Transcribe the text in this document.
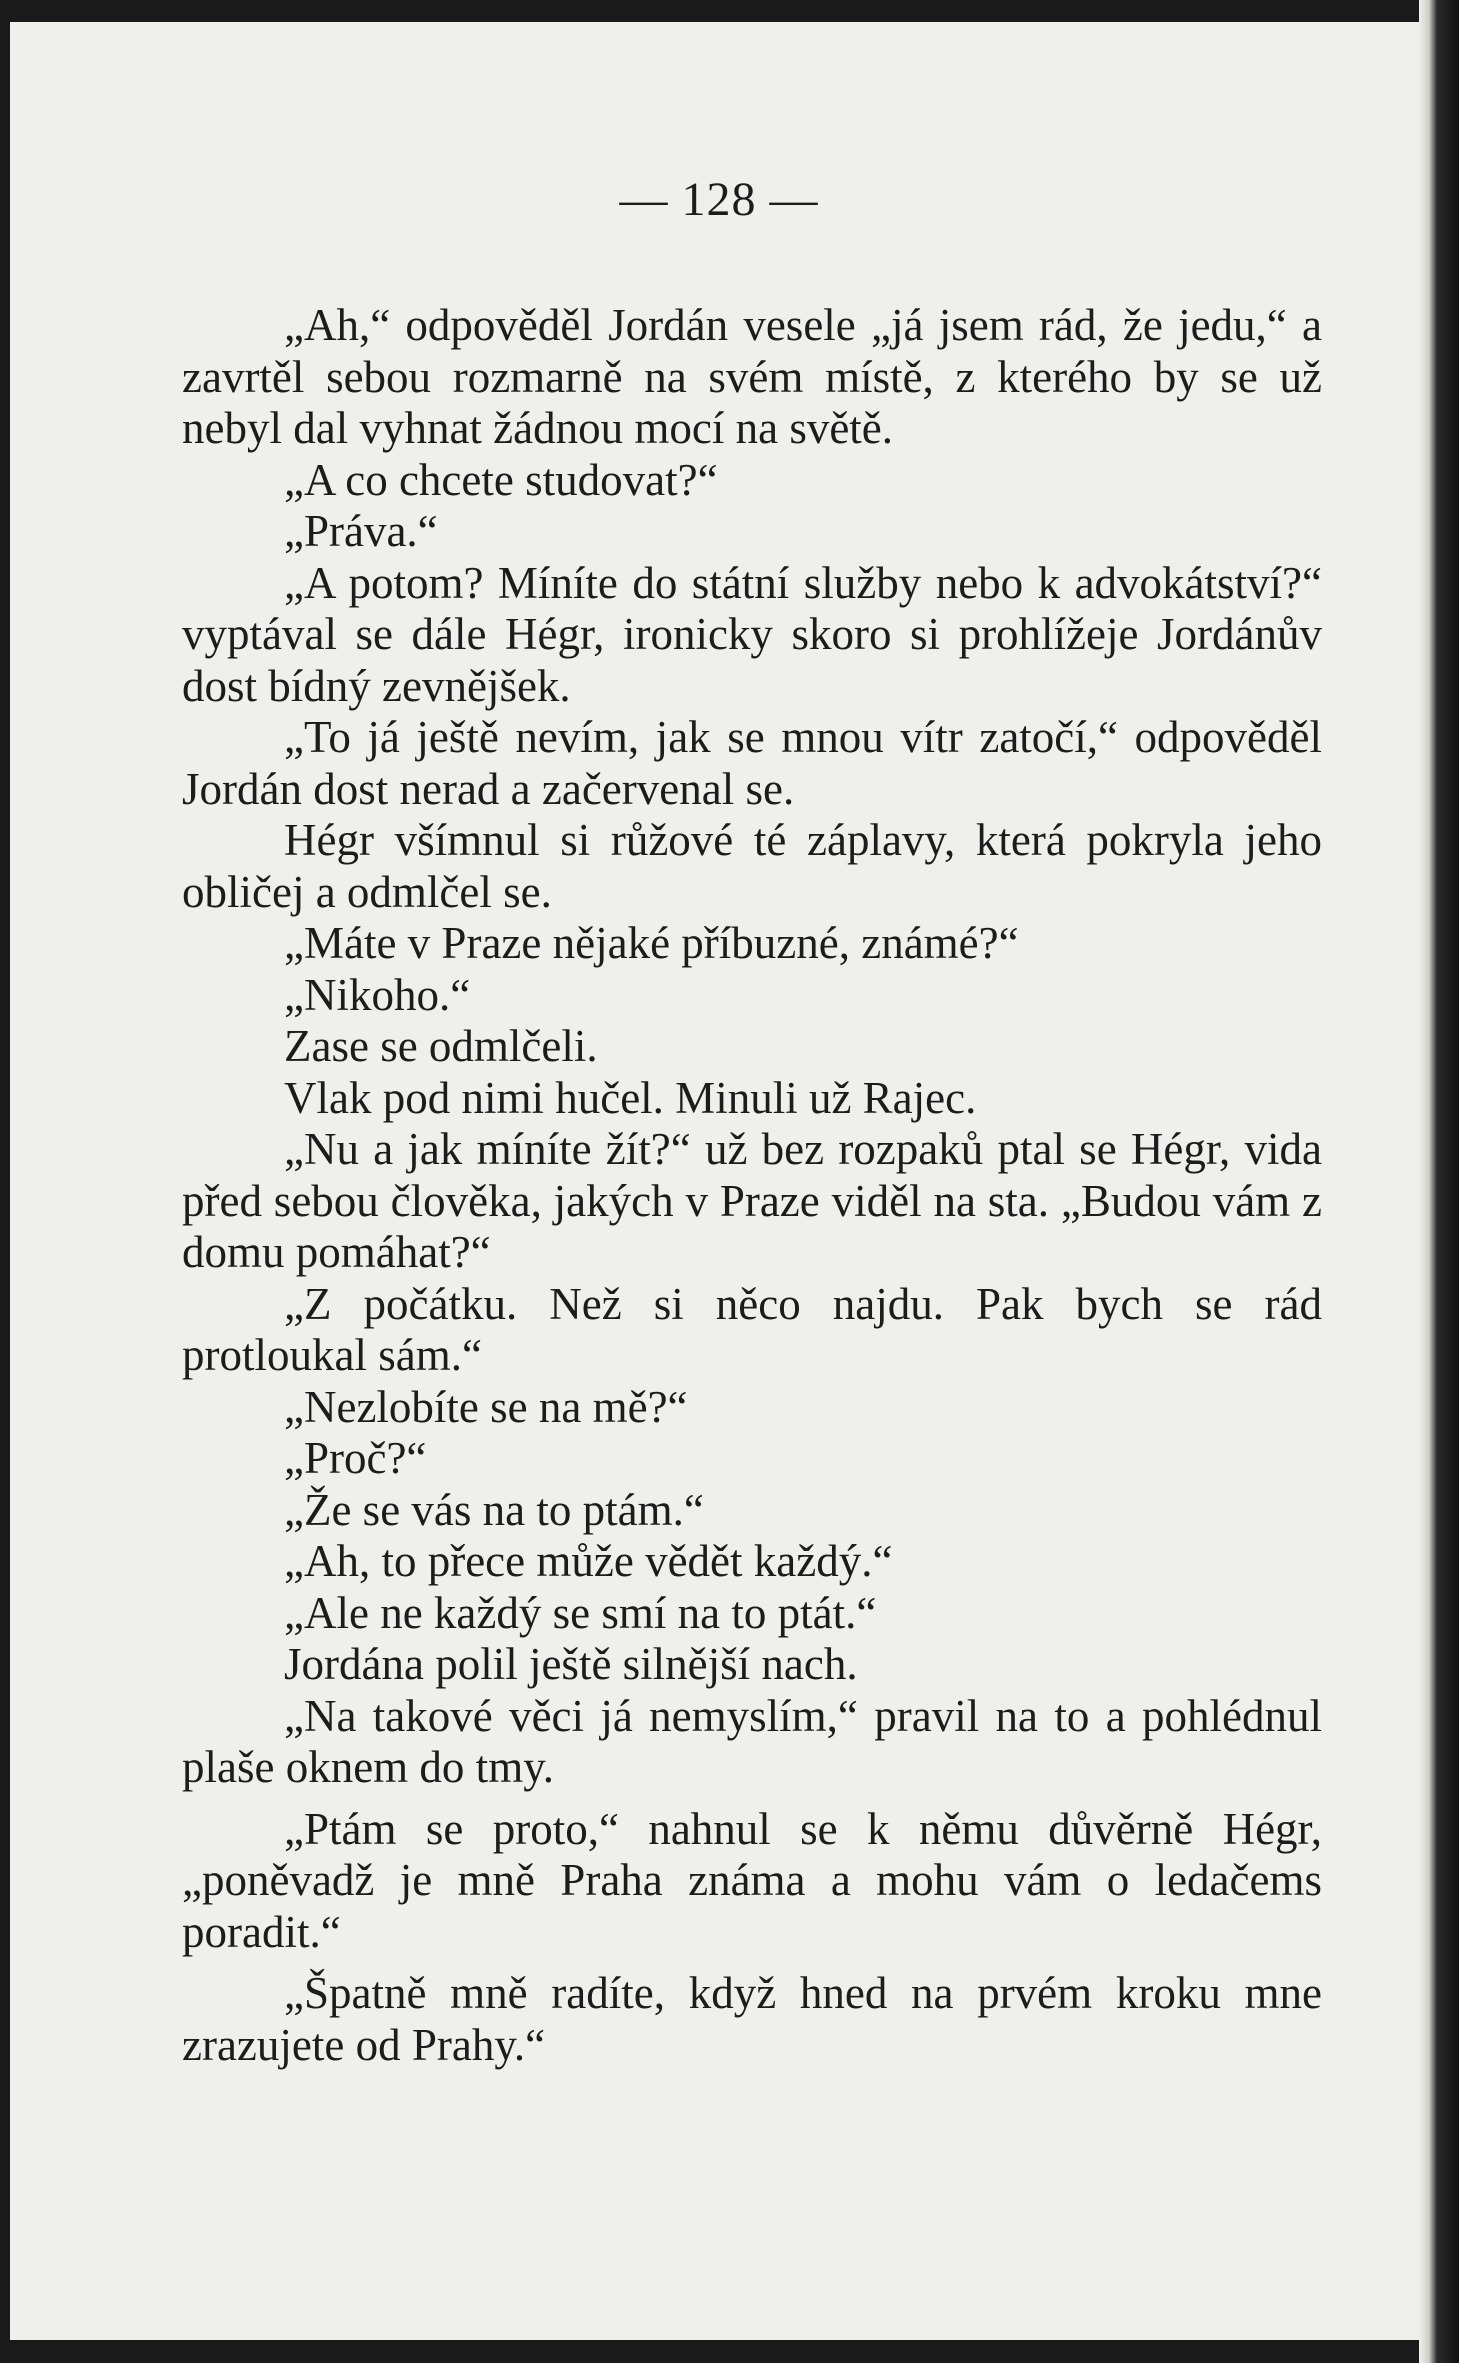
— 128 —

„Ah,“ odpověděl Jordán vesele „já jsem rád, že jedu,“ a zavrtěl sebou rozmarně na svém místě, z kterého by se už nebyl dal vyhnat žádnou mocí na světě.

„A co chcete studovat?“

„Práva.“

„A potom? Míníte do státní služby nebo k advokátství?“ vyptával se dále Hégr, ironicky skoro si prohlížeje Jordánův dost bídný zevnějšek.

„To já ještě nevím, jak se mnou vítr zatočí,“ odpověděl Jordán dost nerad a začervenal se.

Hégr všímnul si růžové té záplavy, která pokryla jeho obličej a odmlčel se.

„Máte v Praze nějaké příbuzné, známé?“

„Nikoho.“

Zase se odmlčeli.

Vlak pod nimi hučel. Minuli už Rajec.

„Nu a jak míníte žít?“ už bez rozpaků ptal se Hégr, vida před sebou člověka, jakých v Praze viděl na sta. „Budou vám z domu pomáhat?“

„Z počátku. Než si něco najdu. Pak bych se rád protloukal sám.“

„Nezlobíte se na mě?“

„Proč?“

„Že se vás na to ptám.“

„Ah, to přece může vědět každý.“

„Ale ne každý se smí na to ptát.“

Jordána polil ještě silnější nach.

„Na takové věci já nemyslím,“ pravil na to a pohlédnul plaše oknem do tmy.

„Ptám se proto,“ nahnul se k němu důvěrně Hégr, „poněvadž je mně Praha známa a mohu vám o ledačems poradit.“

„Špatně mně radíte, když hned na prvém kroku mne zrazujete od Prahy.“
